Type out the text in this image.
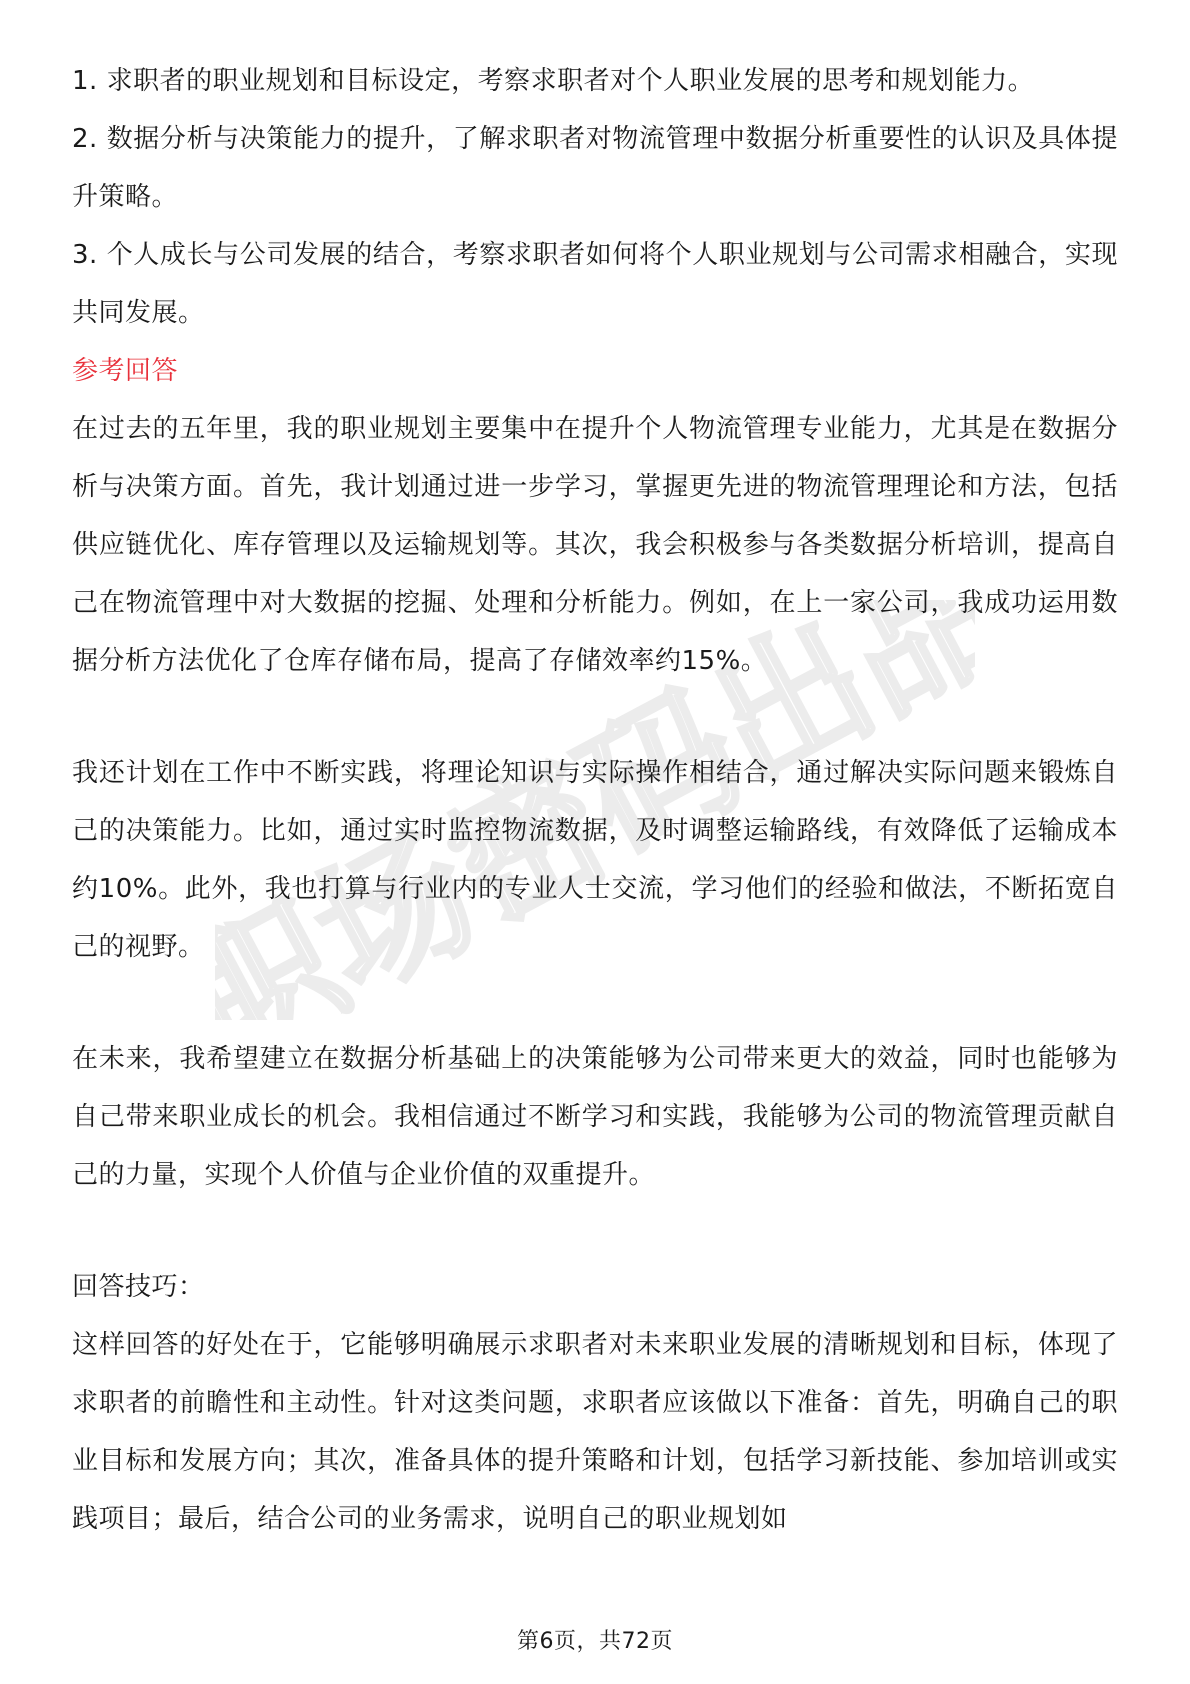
职场密码出品

1. 求职者的职业规划和目标设定，考察求职者对个人职业发展的思考和规划能力。

2. 数据分析与决策能力的提升，了解求职者对物流管理中数据分析重要性的认识及具体提升策略。

3. 个人成长与公司发展的结合，考察求职者如何将个人职业规划与公司需求相融合，实现共同发展。

参考回答

在过去的五年里，我的职业规划主要集中在提升个人物流管理专业能力，尤其是在数据分析与决策方面。首先，我计划通过进一步学习，掌握更先进的物流管理理论和方法，包括供应链优化、库存管理以及运输规划等。其次，我会积极参与各类数据分析培训，提高自己在物流管理中对大数据的挖掘、处理和分析能力。例如，在上一家公司，我成功运用数据分析方法优化了仓库存储布局，提高了存储效率约15%。

我还计划在工作中不断实践，将理论知识与实际操作相结合，通过解决实际问题来锻炼自己的决策能力。比如，通过实时监控物流数据，及时调整运输路线，有效降低了运输成本约10%。此外，我也打算与行业内的专业人士交流，学习他们的经验和做法，不断拓宽自己的视野。

在未来，我希望建立在数据分析基础上的决策能够为公司带来更大的效益，同时也能够为自己带来职业成长的机会。我相信通过不断学习和实践，我能够为公司的物流管理贡献自己的力量，实现个人价值与企业价值的双重提升。

回答技巧：

这样回答的好处在于，它能够明确展示求职者对未来职业发展的清晰规划和目标，体现了求职者的前瞻性和主动性。针对这类问题，求职者应该做以下准备：首先，明确自己的职业目标和发展方向；其次，准备具体的提升策略和计划，包括学习新技能、参加培训或实践项目；最后，结合公司的业务需求，说明自己的职业规划如

第6页，共72页
